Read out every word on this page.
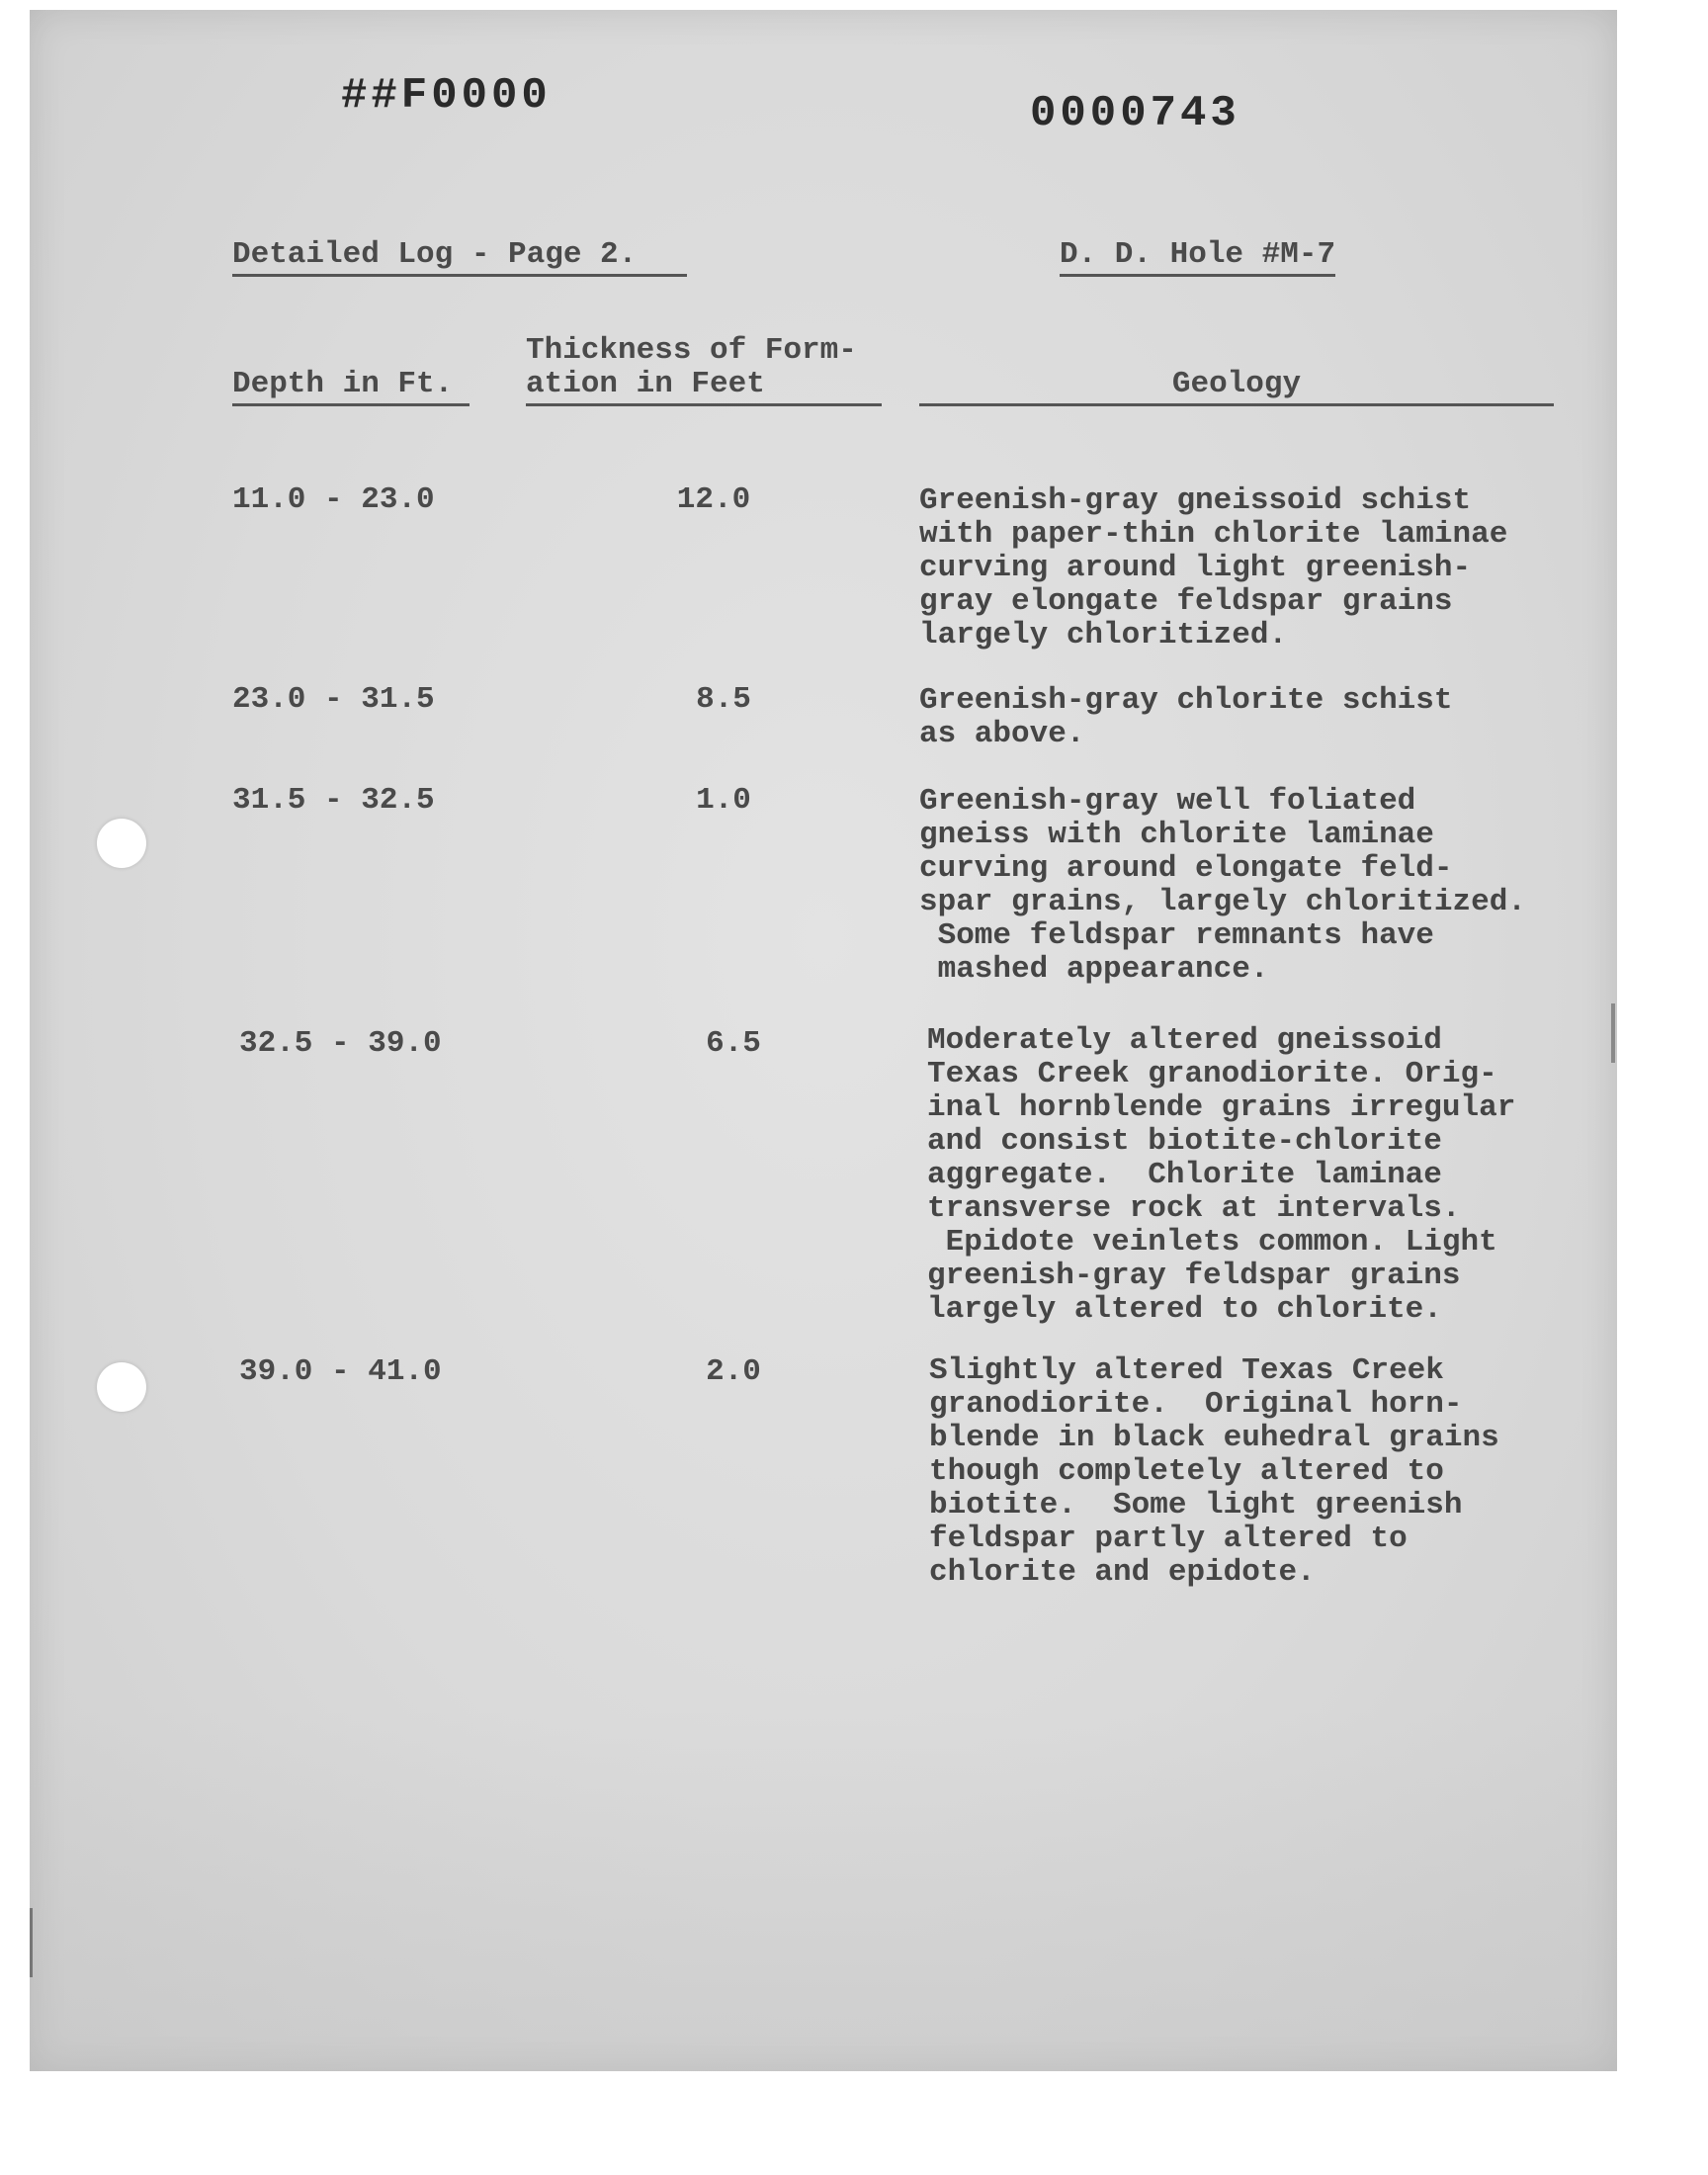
##F0000	0000743
Detailed Log - Page 2.	D. D. Hole #M-7
Depth in Ft.
Thickness of Form-
ation in Feet	Geology
11.0 - 23.0	12.0	Greenish-gray gneissoid schist
with paper-thin chlorite laminae
curving around light greenish-
gray elongate feldspar grains
largely chloritized.
23.0 - 31.5	8.5	Greenish-gray chlorite schist
as above.
31.5 - 32.5	1.0	Greenish-gray well foliated
gneiss with chlorite laminae
curving around elongate feld-
spar grains, largely chloritized.
Some feldspar remnants have
mashed appearance.
32.5 - 39.0	6.5	Moderately altered gneissoid
Texas Creek granodiorite. Orig-
inal hornblende grains irregular
and consist biotite-chlorite
aggregate.  Chlorite laminae
transverse rock at intervals.
Epidote veinlets common. Light
greenish-gray feldspar grains
largely altered to chlorite.
39.0 - 41.0	2.0	Slightly altered Texas Creek
granodiorite.  Original horn-
blende in black euhedral grains
though completely altered to
biotite.  Some light greenish
feldspar partly altered to
chlorite and epidote.
